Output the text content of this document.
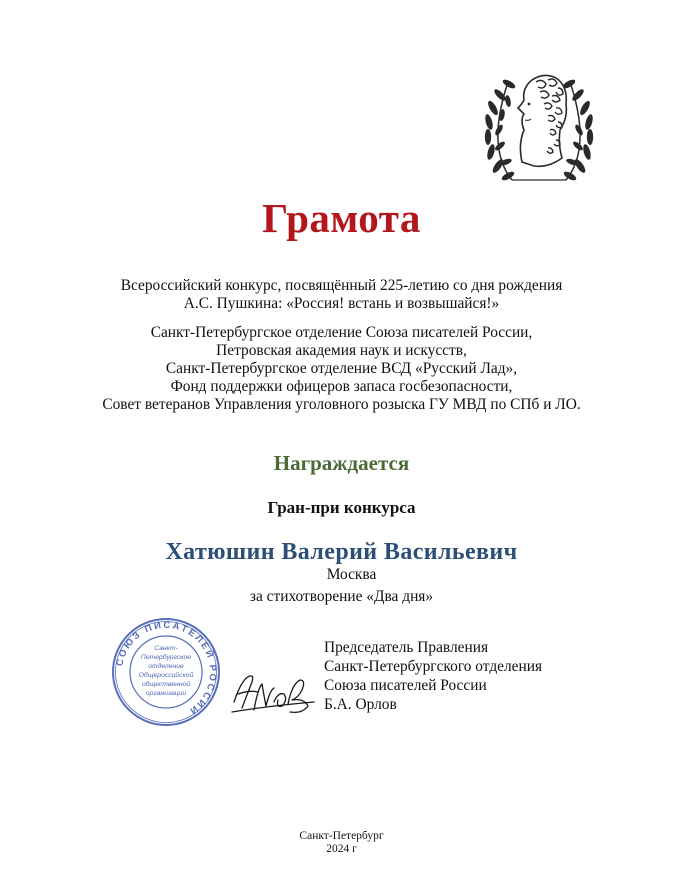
Грамота
Всероссийский конкурс, посвящённый 225-летию со дня рождения
А.С. Пушкина: «Россия! встань и возвышайся!»
Санкт-Петербургское отделение Союза писателей России,
Петровская академия наук и искусств,
Санкт-Петербургское отделение ВСД «Русский Лад»,
Фонд поддержки офицеров запаса госбезопасности,
Совет ветеранов Управления уголовного розыска ГУ МВД по СПб и ЛО.
Награждается
Гран-при конкурса
Хатюшин Валерий Васильевич
Москва
за стихотворение «Два дня»
СОЮЗ ПИСАТЕЛЕЙ РОССИИ
Санкт-
Петербургское
отделение
Общероссийской
общественной
организации
Председатель Правления
Санкт-Петербургского отделения
Союза писателей России
Б.А. Орлов
Санкт-Петербург
2024 г
